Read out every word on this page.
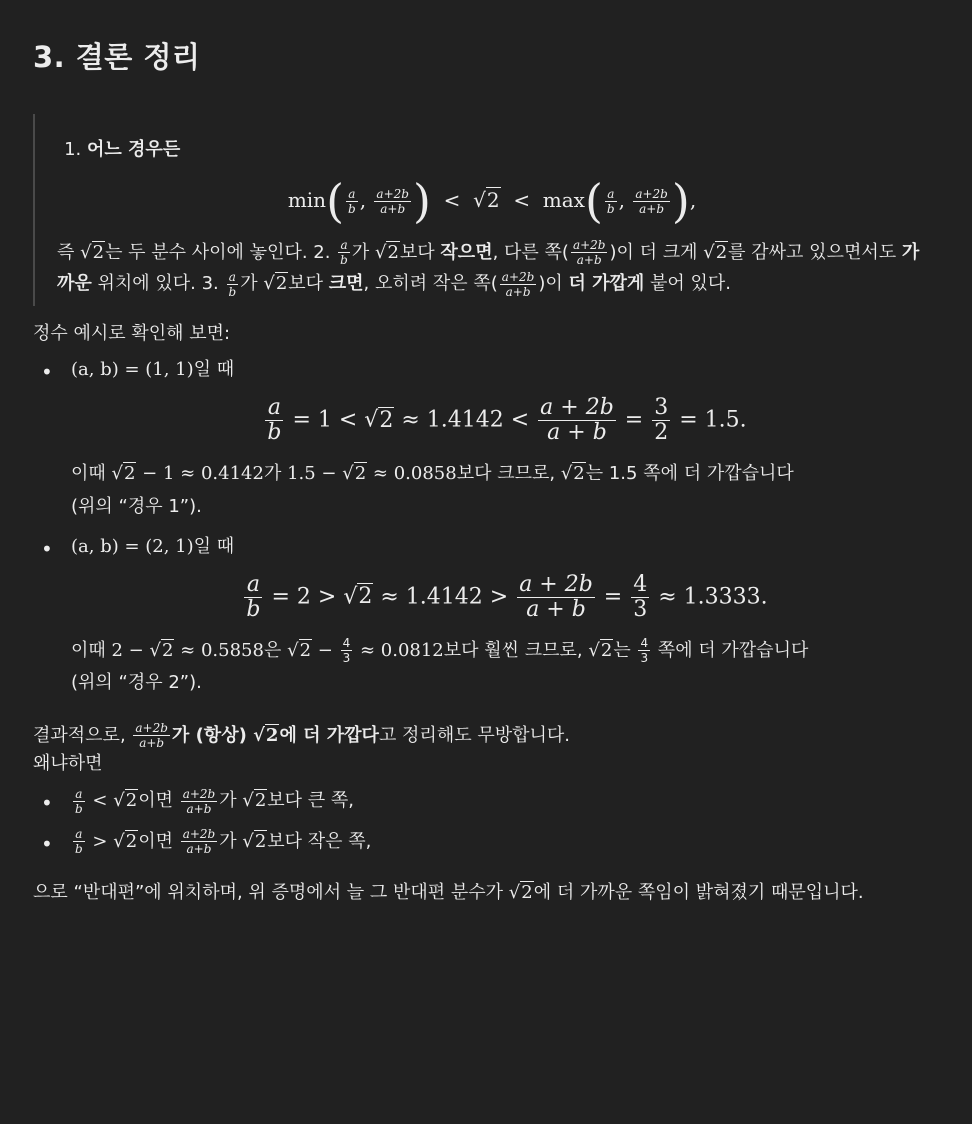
3. 결론 정리
1. 어느 경우든
$\min( \frac{a}{b}$ , $\frac{a+2b}{a+b}$ ) < $√2 < \max( \frac{a}{b}$ , $\frac{a+2b}{a+b}$ ),
즉 √2는 두 분수 사이에 놓인다. 2. $\frac{a}{b}$ 가 √2보다 작으면, 다른 쪽( $\frac{a+2b}{a+b}$ )이 더 크게 √2를 감싸고 있으면서도 가까운 위치에 있다. 3. $\frac{a}{b}$ 가 √2보다 크면, 오히려 작은 쪽( $\frac{a+2b}{a+b}$ )이 더 가깝게 붙어 있다.

정수 예시로 확인해 보면:

• (a, b) = (1, 1)일 때
$\frac{a}{b} = 1 < √2 \approx 1.4142 < \frac{a + 2b}{a + b} = \frac{3}{2} = 1.5$.
이때 √2 − 1 ≈ 0.4142가 1.5 − √2 ≈ 0.0858보다 크므로, √2는 1.5 쪽에 더 가깝습니다
(위의 “경우 1”).
• (a, b) = (2, 1)일 때
$\frac{a}{b} = 2 > √2 \approx 1.4142 > \frac{a + 2b}{a + b} = \frac{4}{3} \approx 1.3333$.
이때 2 − √2 ≈ 0.5858은 $√2 - \frac{4}{3} \approx 0.0812$보다 훨씬 크므로, √2는 $\frac{4}{3}$ 쪽에 더 가깝습니다
(위의 “경우 2”).
결과적으로, $\frac{a+2b}{a+b}$ 가 (항상) √2에 더 가깝다고 정리해도 무방합니다.
왜냐하면
• $\frac{a}{b} < √2$이면 $\frac{a+2b}{a+b}$ 가 √2보다 큰 쪽,
• $\frac{a}{b} > √2$이면 $\frac{a+2b}{a+b}$ 가 √2보다 작은 쪽,

으로 “반대편”에 위치하며, 위 증명에서 늘 그 반대편 분수가 √2에 더 가까운 쪽임이 밝혀졌기 때문입니다.
